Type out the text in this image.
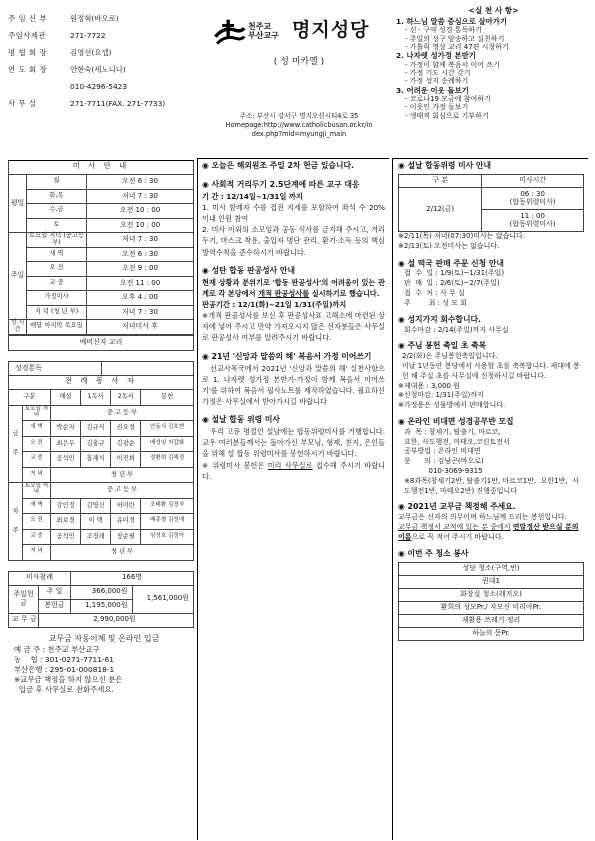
주 임 신 부	원정혁(바오로)
주임사제관	271-7722
평 협 회 장	김영선(요셉)
연 도 회 장	안현숙(세노니나)
010-4296-5423
사 무 실	271-7711(FAX. 271-7733)
천주교
부산교구 명지성당
( 성 미카엘 )
주소: 부산시 강서구 명지오션시티4로 35
Homepage:http://www.catholicbusan.or.kr/in
dex.php?mid=myungji_main
<실 천 사 항>
1. 하느님 말씀 중심으로 살아가기
- 신 · 구약 성경 통독하기
- 주일의 성구 암송하고 실천하기
- 가톨릭 영상 교리 47편 시청하기
2. 나자렛 성가정 본받기
- 가정이 함께 복음서 이어 쓰기
- 가정 기도 시간 갖기
- 가정 성지 순례하기
3. 어려운 이웃 돌보기
- 코로나19 모금에 참여하기
- 이웃인 가정 돌보기
- 생태적 회심으로 기부하기
미 사 안 내
평일	월	오전 6 : 30
	화,목	저녁 7 : 30
	수,금	오전 10 : 00
	토	오전 10 : 00
주일	토요일 저녁 (중고등부)	저녁 7 : 30
	새 벽	오전 6 : 30
	오 전	오전 9 : 00
	교 중	오전 11 : 00
	가정미사	오후 4 : 00
	저 녁 (청 년 부)	저녁 7 : 30
성 시간	매달 마지막 목요일	저녁미사 후
예비신자 교리
성경통독	
전 례 봉 사 자
구분		해설	1독서	2독서	봉헌
금

주	토요일 저 녁	중 고 등 부			
	새 벽	박순자	김규식	권오경	안동식 김호현
	오 전	최은우	김홍규	김광순	배성임 지갑화
	교 중	공석민	홍재식	이진희	정환희 김해경
	저 녁	청 년 부			
차

주	토요일 저 녁	중 고 등 부			
	새 벽	강인정	김영신	허미란	조태환 김정자
	오 전	최보경	이 택	유미경	배종철 김성애
	교 중	공석민	조정래	장순필	임성호 김정아
	저 녁	청 년 부			
미사참례		166명	
주일헌금	주 일	366,000원	1,561,000원
	봉헌금	1,195,000원	
교 무 금	2,990,000원		
교무금 자동이체 및 온라인 입금
예 금 주 : 천주교 부산교구
농    협 : 301-0271-7711-61
부산은행 : 295-01-000818-1
※교무금 책정을 하지 않으신 분은
입금 후 사무실로 전화주세요.
◉ 오늘은 해외원조 주일 2차 헌금 있습니다.
◉ 사회적 거리두기 2.5단계에 따른 교구 대응
기 간 : 12/14일~1/31일 까지
1. 미사 참례자 수를 접전 지세를 포함하여 좌석 수 20% 이내 인원 참여
2. 미사 이외의 소모임과 공동 식사를 금지해 주시고, 거리두기, 마스크 착용, 출입자 명단 관리, 환기·소독 등의 핵심 방역수칙을 준수하시기 바랍니다.
◉ 성탄 합동 판공성사 안내
현재 상황과 분위기로 '합동 판공성사'의 어려움이 있는 관계로 각 본당에서 개적 판공성사를 실시하기로 했습니다.
판공기간 : 12/1(화)~21일 1/31(주일)까지
※개적 판공성사를 보신 후 판공성사표 고해소에 마련된 상자에 넣어 주시고 만약 가져오시지 않은 신자분들은 사무실로 판공성사 여부를 알려주시기 바랍니다.
◉ 21년 '신앙과 말씀의 해' 복음서 가정 이어쓰기
선교사목국에서 2021년 '신앙과 말씀의 해' 실천사항으로 1. 나자렛 성가정 본받기-가정이 함께 복음서 이어쓰기'를 위하여 복음서 필사노트를 제작하였습니다. 필요하신 가정은 사무실에서 받아가시길 바랍니다
◉ 설날 합동 위령 미사
우리 고유 명절인 설날에는 합동위령미사를 거행합니다. 교우 여러분들께서는 돌아가신 부모님, 형제, 친지, 은인들을 위해 설 합동 위령미사를 봉헌하시기 바랍니다.
※ 위령미사 봉헌은 미리 사무실로 접수해 주시기 바랍니다.
◉ 설날 합동위령 미사 안내
구 분	미사시간
2/12(금)	06 : 30
(합동위령미사)

	11 : 00
(합동위령미사)
※2/11(목) 저녁(07:30)미사는 없습니다.
※2/13(토) 오전미사는 없습니다.
◉ 설 떡국 판매 주문 신청 안내
접  수  일 : 1/9(토)~1/31(주일)
판  매  일 : 2/6(토)~2/7(주일)
접  수  처 : 사 무 실
주        최 : 성 모 회
◉ 성지가지 회수합니다.
회수마감 : 2/14(주일)까지 사무실
◉ 주님 봉헌 축일 초 축복
2/2(화)은 주님봉헌축일입니다.
이날 1년동안 봉당에서 사용할 초를 축복합니다. 제대에 봉헌 해 주실 초를 사무실에 신청하시길 바랍니다.
※제대용 : 3,000 원
※신청마감: 1/31(주일)까지
※가정용은 성물방에서 판매합니다.
◉ 온라인 비대면 성경공부반 모집
과  목 : 창세기, 탈출기, 마르코,
요한, 사도행전, 마태오,코린토전서
공부방법 : 온라인 비대면
문      의 : 김남곤(바오로)
010-3069-9315
※8과목(창세기2반, 탈출기1반, 마르코1반,  요한1반,  사도행전1반, 마태오2반) 진행중입니다
◉ 2021년 교무금 책정해 주세요.
교무금은 신자의 의무이며 하느님께 드리는 봉헌입니다.
교무금 책정서 교적에 있는 분 중에서 연말정산 받으실 분의 이름으로 꼭 적어 주시기 바랍니다.
◉ 이번 주 청소 봉사
성당 청소(구역,반)
퀸대1
화장실 청소(레지오)
환희의 성모Pr./ 자모신 미리아Pr.
제활용 쓰레기 정리
하늘의 문Pr.
